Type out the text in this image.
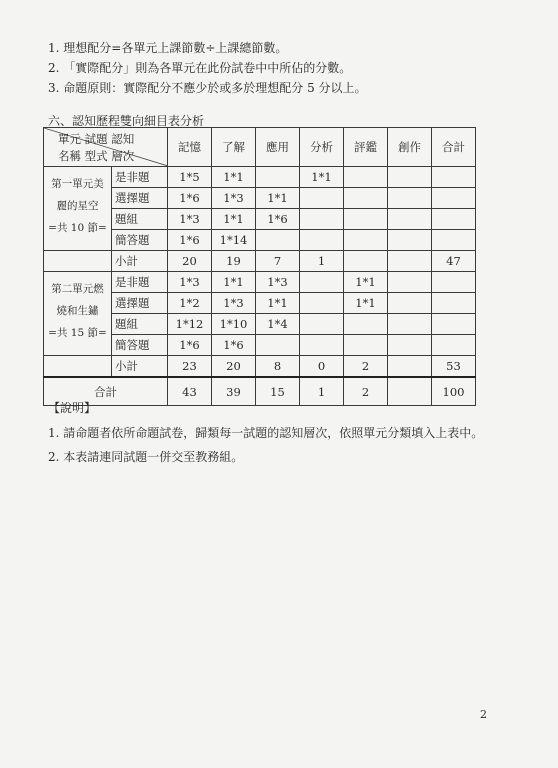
1. 理想配分=各單元上課節數÷上課總節數。
2. 「實際配分」則為各單元在此份試卷中中所佔的分數。
3. 命題原則：實際配分不應少於或多於理想配分 5 分以上。
六、認知歷程雙向細目表分析
單元 試題 認知
名稱 型式 層次		記憶	了解	應用	分析	評鑑	創作	合計

第一單元美
麗的星空
=共 10 節=	是非題	1*5	1*1		1*1			
	選擇題	1*6	1*3	1*1				
	題組	1*3	1*1	1*6				
	簡答題	1*6	1*14					
	小計	20	19	7	1			47

第二單元燃
燒和生鏽
=共 15 節=	是非題	1*3	1*1	1*3		1*1		
	選擇題	1*2	1*3	1*1		1*1		
	題組	1*12	1*10	1*4				
	簡答題	1*6	1*6					
	小計	23	20	8	0	2		53
合計		43	39	15	1	2		100
【說明】
1. 請命題者依所命題試卷，歸類每一試題的認知層次，依照單元分類填入上表中。
2. 本表請連同試題一併交至教務組。
2
